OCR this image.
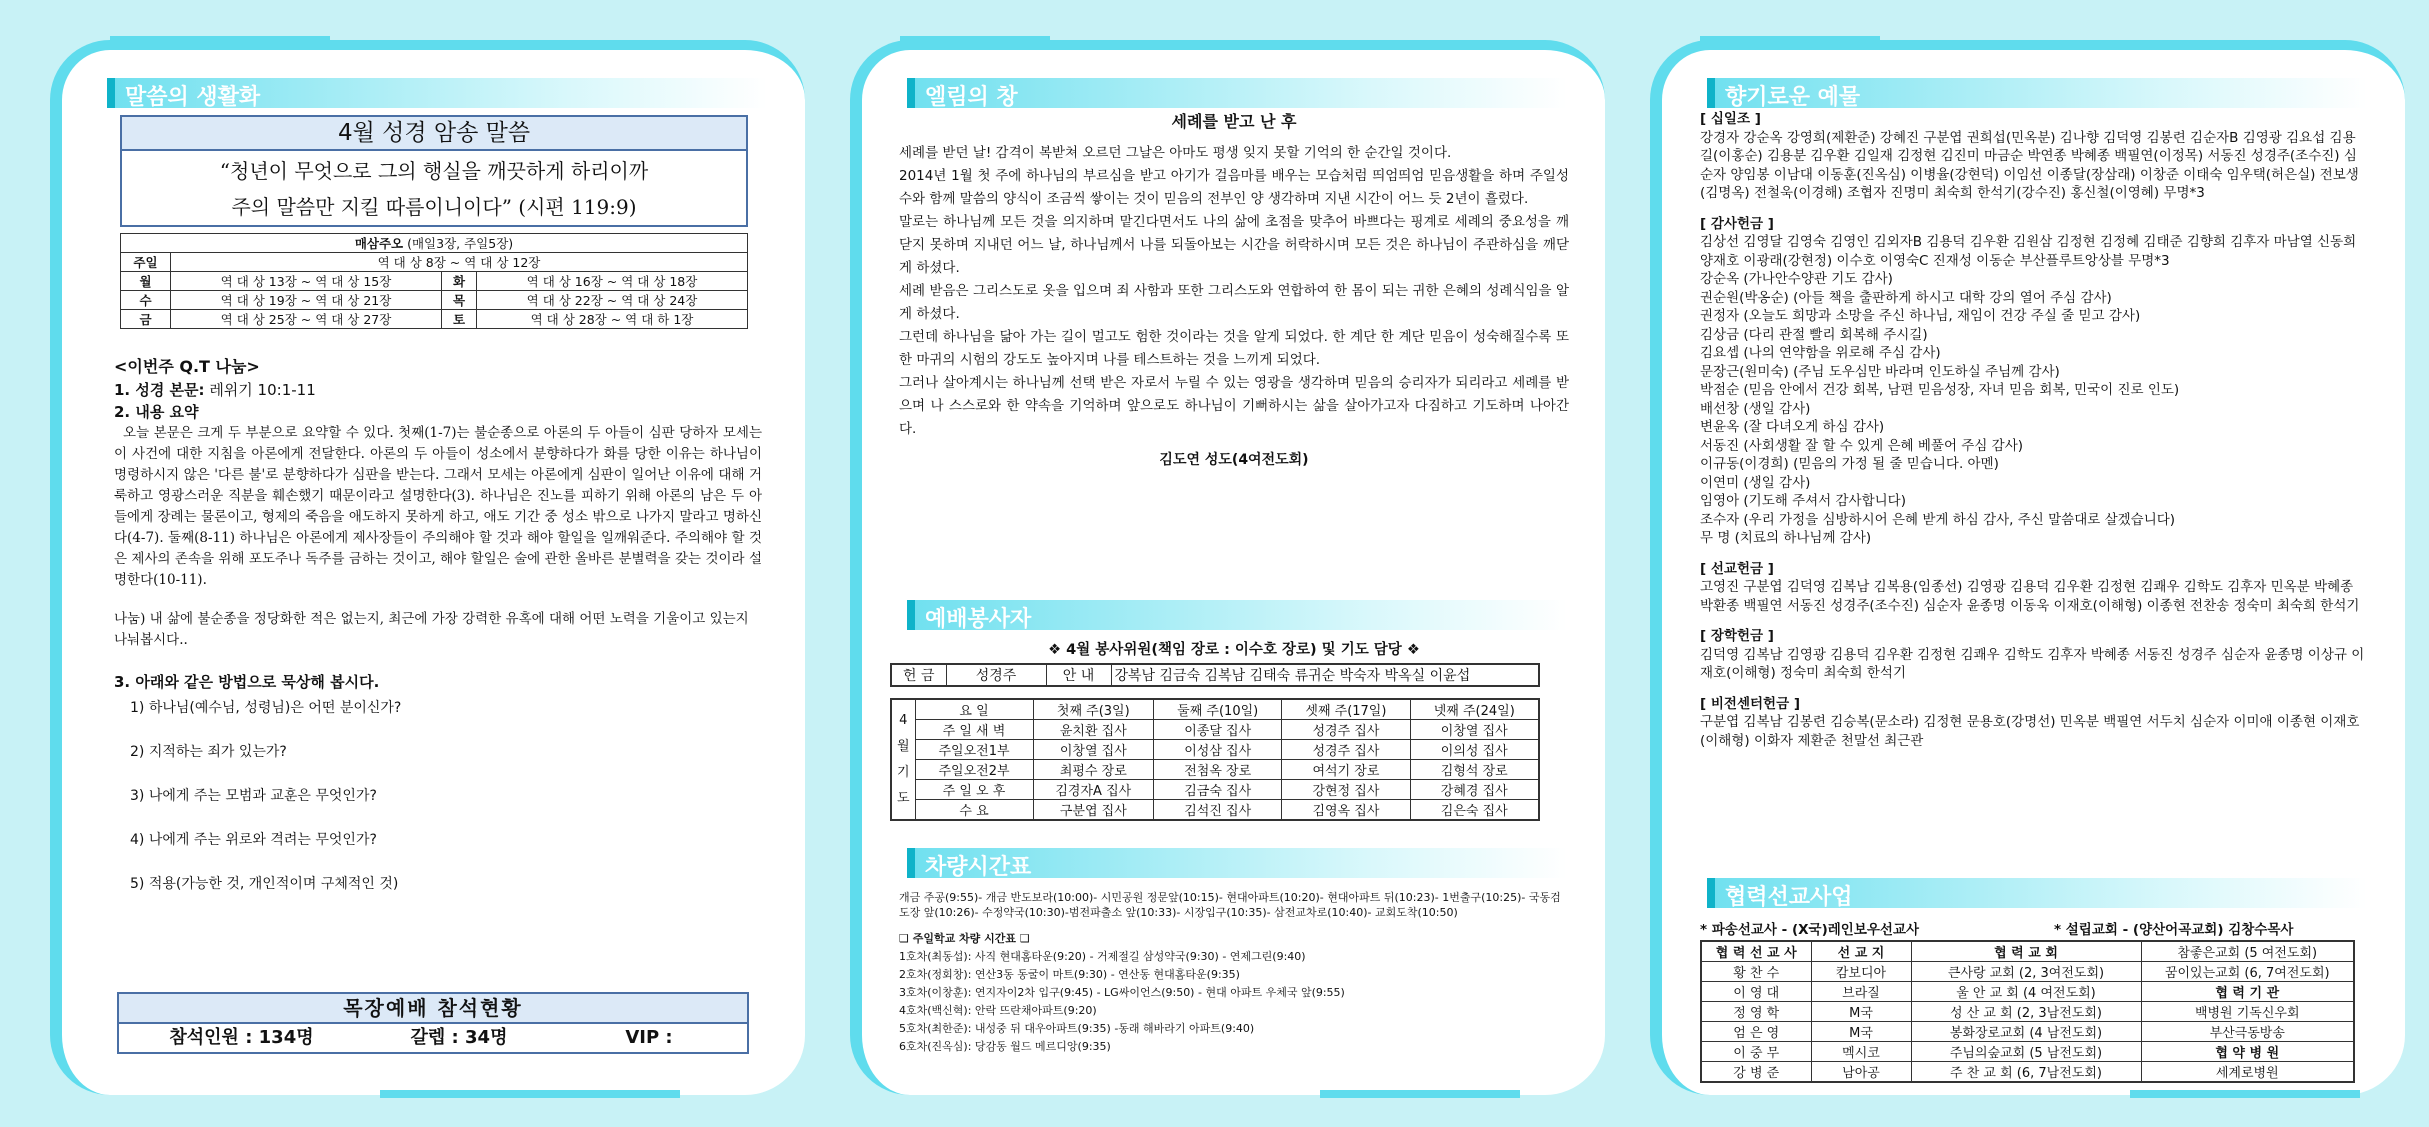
말씀의 생활화
4월 성경 암송 말씀
“청년이 무엇으로 그의 행실을 깨끗하게 하리이까
주의 말씀만 지킬 따름이니이다” (시편 119:9)
매삼주오 (매일3장, 주일5장)			
주일	역 대 상 8장 ~ 역 대 상 12장		
월	역 대 상 13장 ~ 역 대 상 15장	화	역 대 상 16장 ~ 역 대 상 18장
수	역 대 상 19장 ~ 역 대 상 21장	목	역 대 상 22장 ~ 역 대 상 24장
금	역 대 상 25장 ~ 역 대 상 27장	토	역 대 상 28장 ~ 역 대 하 1장
<이번주 Q.T 나눔>
1. 성경 본문: 레위기 10:1-11
2. 내용 요약
오늘 본문은 크게 두 부분으로 요약할 수 있다. 첫째(1-7)는 불순종으로 아론의 두 아들이 심판 당하자 모세는 이 사건에 대한 지침을 아론에게 전달한다. 아론의 두 아들이 성소에서 분향하다가 화를 당한 이유는 하나님이 명령하시지 않은 '다른 불'로 분향하다가 심판을 받는다. 그래서 모세는 아론에게 심판이 일어난 이유에 대해 거룩하고 영광스러운 직분을 훼손했기 때문이라고 설명한다(3). 하나님은 진노를 피하기 위해 아론의 남은 두 아들에게 장례는 물론이고, 형제의 죽음을 애도하지 못하게 하고, 애도 기간 중 성소 밖으로 나가지 말라고 명하신다(4-7). 둘째(8-11) 하나님은 아론에게 제사장들이 주의해야 할 것과 해야 할일을 일깨워준다. 주의해야 할 것은 제사의 존속을 위해 포도주나 독주를 금하는 것이고, 해야 할일은 술에 관한 올바른 분별력을 갖는 것이라 설명한다(10-11).
나눔) 내 삶에 불순종을 정당화한 적은 없는지, 최근에 가장 강력한 유혹에 대해 어떤 노력을 기울이고 있는지 나눠봅시다..
3. 아래와 같은 방법으로 묵상해 봅시다.
1) 하나님(예수님, 성령님)은 어떤 분이신가?
2) 지적하는 죄가 있는가?
3) 나에게 주는 모범과 교훈은 무엇인가?
4) 나에게 주는 위로와 격려는 무엇인가?
5) 적용(가능한 것, 개인적이며 구체적인 것)
목장예배 참석현황
참석인원 : 134명	갈렙 : 34명	VIP :
엘림의 창
세례를 받고 난 후
세례를 받던 날! 감격이 복받쳐 오르던 그날은 아마도 평생 잊지 못할 기억의 한 순간일 것이다.
2014년 1월 첫 주에 하나님의 부르심을 받고 아기가 걸음마를 배우는 모습처럼 띄엄띄엄 믿음생활을 하며 주일성수와 함께 말씀의 양식이 조금씩 쌓이는 것이 믿음의 전부인 양 생각하며 지낸 시간이 어느 듯 2년이 흘렀다.
말로는 하나님께 모든 것을 의지하며 맡긴다면서도 나의 삶에 초점을 맞추어 바쁘다는 핑계로 세례의 중요성을 깨닫지 못하며 지내던 어느 날, 하나님께서 나를 되돌아보는 시간을 허락하시며 모든 것은 하나님이 주관하심을 깨닫게 하셨다.
세례 받음은 그리스도로 옷을 입으며 죄 사함과 또한 그리스도와 연합하여 한 몸이 되는 귀한 은혜의 성례식임을 알게 하셨다.
그런데 하나님을 닮아 가는 길이 멀고도 험한 것이라는 것을 알게 되었다. 한 계단 한 계단 믿음이 성숙해질수록 또한 마귀의 시험의 강도도 높아지며 나를 테스트하는 것을 느끼게 되었다.
그러나 살아계시는 하나님께 선택 받은 자로서 누릴 수 있는 영광을 생각하며 믿음의 승리자가 되리라고 세례를 받으며 나 스스로와 한 약속을 기억하며 앞으로도 하나님이 기뻐하시는 삶을 살아가고자 다짐하고 기도하며 나아간다.
김도연 성도(4여전도회)
예배봉사자
❖ 4월 봉사위원(책임 장로 : 이수호 장로) 및 기도 담당 ❖
헌 금	성경주	안 내	강복남 김금숙 김복남 김태숙 류귀순 박숙자 박옥실 이윤섭
4
월
기
도	요 일	첫째 주(3일)	둘째 주(10일)	셋째 주(17일)	넷째 주(24일)
	주 일 새 벽	윤치환 집사	이종달 집사	성경주 집사	이창열 집사
	주일오전1부	이창열 집사	이성삼 집사	성경주 집사	이의성 집사
	주일오전2부	최평수 장로	전첨옥 장로	여석기 장로	김형석 장로
	주 일 오 후	김경자A 집사	김금숙 집사	강현정 집사	강혜경 집사
	수 요	구분엽 집사	김석진 집사	김영옥 집사	김은숙 집사
차량시간표
개금 주공(9:55)- 개금 반도보라(10:00)- 시민공원 정문앞(10:15)- 현대아파트(10:20)- 현대아파트 뒤(10:23)- 1번출구(10:25)- 국동검도장 앞(10:26)- 수정약국(10:30)-범전파출소 앞(10:33)- 시장입구(10:35)- 삼전교차로(10:40)- 교회도착(10:50)
❑ 주일학교 차량 시간표 ❑
1호차(최동섭): 사직 현대홈타운(9:20) - 거제절길 삼성약국(9:30) - 연제그린(9:40)
2호차(정회창): 연산3동 동굴이 마트(9:30) - 연산동 현대홈타운(9:35)
3호차(이창훈): 연지자이2차 입구(9:45) - LG싸이언스(9:50) - 현대 아파트 우체국 앞(9:55)
4호차(백신혁): 안락 뜨란채아파트(9:20)
5호차(최한준): 내성중 뒤 대우아파트(9:35) -동래 해바라기 아파트(9:40)
6호차(진옥심): 당감동 월드 메르디앙(9:35)
향기로운 예물
[ 십일조 ]
강경자 강순옥 강영희(제환준) 강혜진 구분엽 권희섭(민옥분) 김나향 김덕영 김봉련 김순자B 김영광 김요섭 김용길(이홍순) 김용분 김우환 김일재 김정현 김진미 마금순 박연종 박혜종 백필연(이정목) 서동진 성경주(조수진) 심순자 양임봉 이남대 이동훈(진옥심) 이병율(강현덕) 이임선 이종달(장삼래) 이창준 이태숙 임우택(허은실) 전보생(김명옥) 전철욱(이경해) 조협자 진명미 최숙희 한석기(강수진) 홍신철(이영혜) 무명*3
[ 감사헌금 ]
김상선 김영달 김영숙 김영인 김외자B 김용덕 김우환 김원삼 김정현 김정혜 김태준 김향희 김후자 마남열 신동희 양재호 이광래(강현정) 이수호 이영숙C 진재성 이동순 부산플루트앙상블 무명*3
강순옥 (가나안수양관 기도 감사)
권순원(박옹순) (아들 책을 출판하게 하시고 대학 강의 열어 주심 감사)
권정자 (오늘도 희망과 소망을 주신 하나님, 재임이 건강 주실 줄 믿고 감사)
김상금 (다리 관절 빨리 회복해 주시길)
김요셉 (나의 연약함을 위로해 주심 감사)
문장근(원미숙) (주님 도우심만 바라며 인도하실 주님께 감사)
박점순 (믿음 안에서 건강 회복, 남편 믿음성장, 자녀 믿음 회복, 민국이 진로 인도)
배선창 (생일 감사)
변윤옥 (잘 다녀오게 하심 감사)
서동진 (사회생활 잘 할 수 있게 은혜 베풀어 주심 감사)
이규동(이경희) (믿음의 가정 될 줄 믿습니다. 아멘)
이연미 (생일 감사)
임영아 (기도해 주셔서 감사합니다)
조수자 (우리 가정을 심방하시어 은혜 받게 하심 감사, 주신 말씀대로 살겠습니다)
무 명 (치료의 하나님께 감사)
[ 선교헌금 ]
고영진 구분엽 김덕영 김복남 김복용(임종선) 김영광 김용덕 김우환 김정현 김쾌우 김학도 김후자 민옥분 박혜종 박환종 백필연 서동진 성경주(조수진) 심순자 윤종명 이동욱 이재호(이해형) 이종현 전찬송 정숙미 최숙희 한석기
[ 장학헌금 ]
김덕영 김복남 김영광 김용덕 김우환 김정현 김쾌우 김학도 김후자 박혜종 서동진 성경주 심순자 윤종명 이상규 이재호(이해형) 정숙미 최숙희 한석기
[ 비전센터헌금 ]
구분엽 김복남 김봉련 김승복(문소라) 김정현 문용호(강명선) 민옥분 백필연 서두치 심순자 이미애 이종현 이재호(이해형) 이화자 제환준 천말선 최근관
협력선교사업
* 파송선교사 - (X국)레인보우선교사	* 설립교회 - (양산어곡교회) 김창수목사
협 력 선 교 사	선 교 지	협 력 교 회	참좋은교회 (5 여전도회)
황 찬 수	캄보디아	큰사랑 교회 (2, 3여전도회)	꿈이있는교회 (6, 7여전도회)
이 영 대	브라질	울 안 교 회 (4 여전도회)	협 력 기 관
정 영 학	M국	성 산 교 회 (2, 3남전도회)	백병원 기독신우회
엄 은 영	M국	봉화장로교회 (4 남전도회)	부산극동방송
이 중 무	멕시코	주님의숲교회 (5 남전도회)	협 약 병 원
강 병 준	남아공	주 찬 교 회 (6, 7남전도회)	세계로병원
